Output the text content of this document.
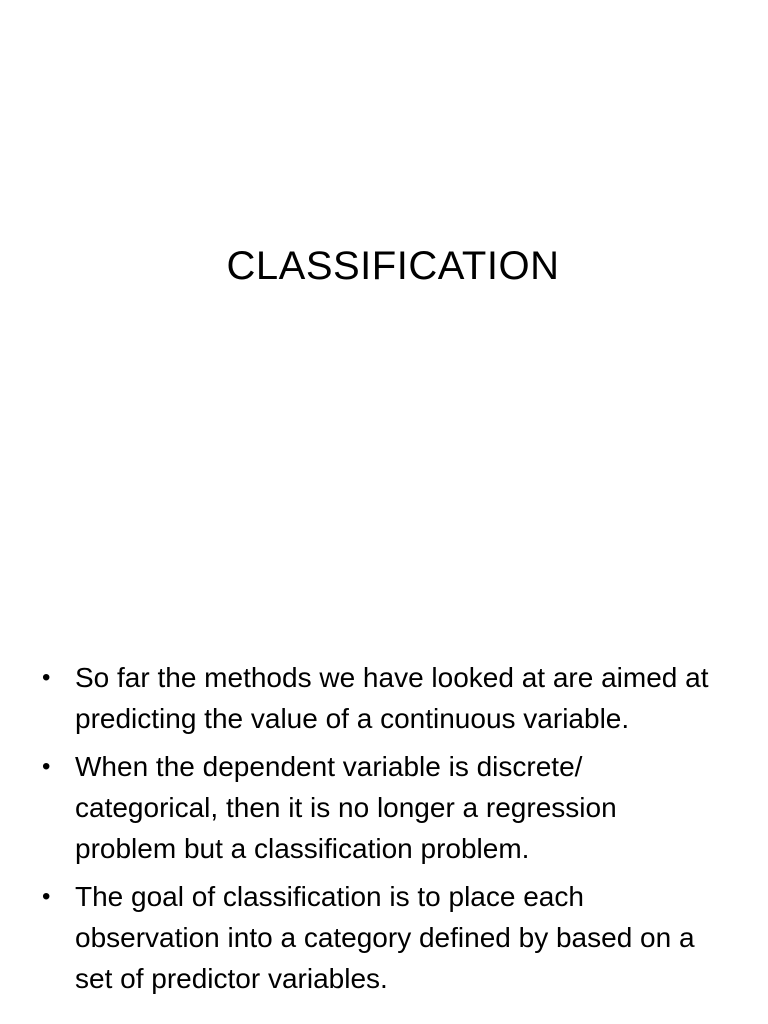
CLASSIFICATION
• So far the methods we have looked at are aimed at predicting the value of a continuous variable.
• When the dependent variable is discrete/ categorical, then it is no longer a regression problem but a classification problem.
• The goal of classification is to place each observation into a category defined by based on a set of predictor variables.
